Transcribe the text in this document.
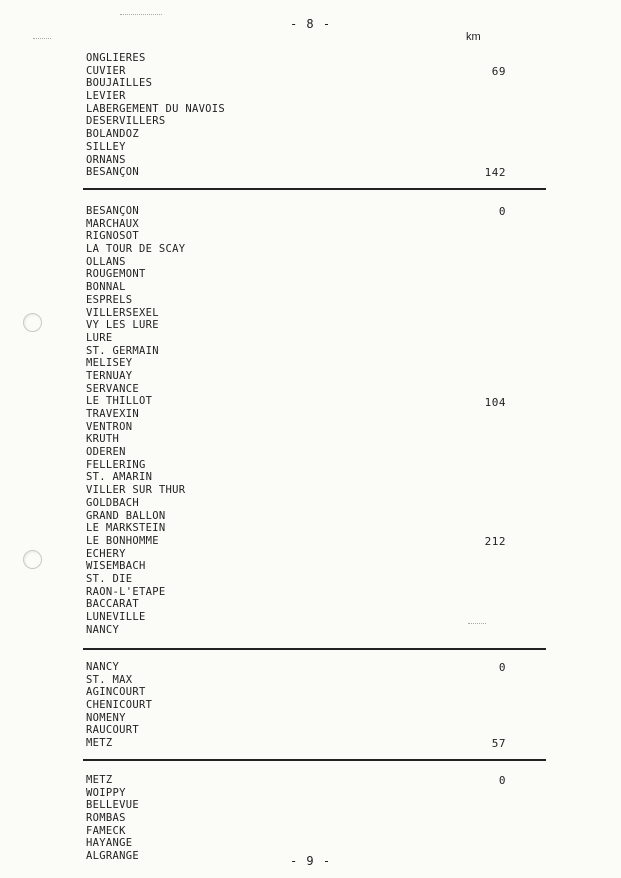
- 8 -
km
ONGLIERES
CUVIER
BOUJAILLES
LEVIER
LABERGEMENT DU NAVOIS
DESERVILLERS
BOLANDOZ
SILLEY
ORNANS
BESANÇON
69
142
BESANÇON
MARCHAUX
RIGNOSOT
LA TOUR DE SCAY
OLLANS
ROUGEMONT
BONNAL
ESPRELS
VILLERSEXEL
VY LES LURE
LURE
ST. GERMAIN
MELISEY
TERNUAY
SERVANCE
LE THILLOT
TRAVEXIN
VENTRON
KRUTH
ODEREN
FELLERING
ST. AMARIN
VILLER SUR THUR
GOLDBACH
GRAND BALLON
LE MARKSTEIN
LE BONHOMME
ECHERY
WISEMBACH
ST. DIE
RAON-L'ETAPE
BACCARAT
LUNEVILLE
NANCY
0
104
212
NANCY
ST. MAX
AGINCOURT
CHENICOURT
NOMENY
RAUCOURT
METZ
0
57
METZ
WOIPPY
BELLEVUE
ROMBAS
FAMECK
HAYANGE
ALGRANGE
0
- 9 -
